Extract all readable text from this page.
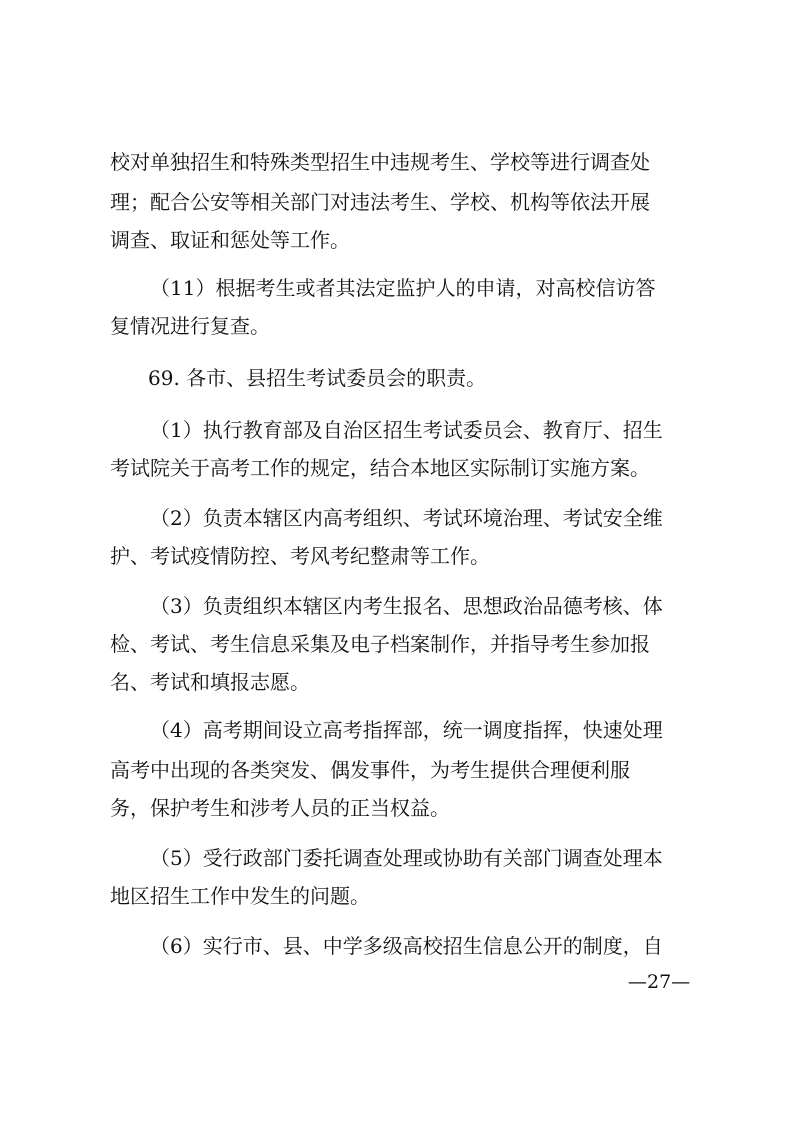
校对单独招生和特殊类型招生中违规考生、学校等进行调查处
理；配合公安等相关部门对违法考生、学校、机构等依法开展
调查、取证和惩处等工作。
（11）根据考生或者其法定监护人的申请，对高校信访答
复情况进行复查。
69. 各市、县招生考试委员会的职责。
（1）执行教育部及自治区招生考试委员会、教育厅、招生
考试院关于高考工作的规定，结合本地区实际制订实施方案。
（2）负责本辖区内高考组织、考试环境治理、考试安全维
护、考试疫情防控、考风考纪整肃等工作。
（3）负责组织本辖区内考生报名、思想政治品德考核、体
检、考试、考生信息采集及电子档案制作，并指导考生参加报
名、考试和填报志愿。
（4）高考期间设立高考指挥部，统一调度指挥，快速处理
高考中出现的各类突发、偶发事件，为考生提供合理便利服
务，保护考生和涉考人员的正当权益。
（5）受行政部门委托调查处理或协助有关部门调查处理本
地区招生工作中发生的问题。
（6）实行市、县、中学多级高校招生信息公开的制度，自
—27—
